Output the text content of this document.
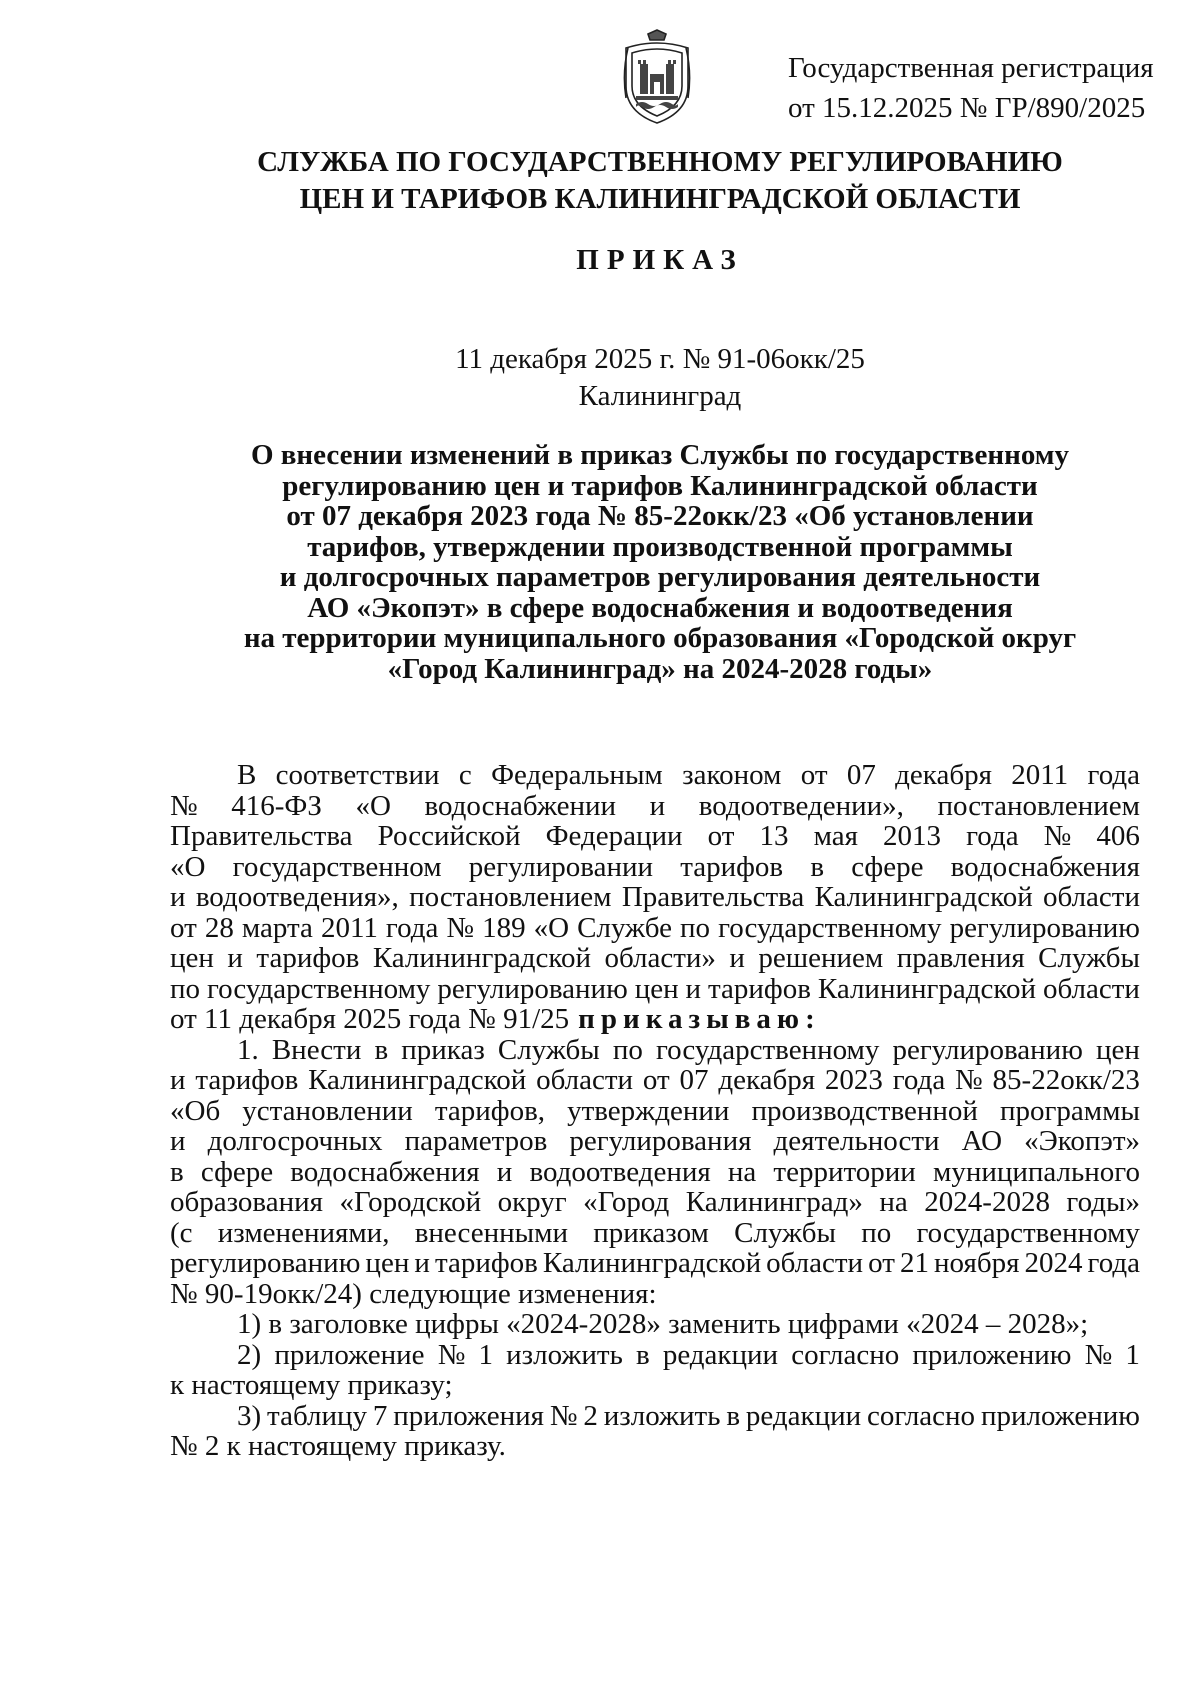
Государственная регистрация
от 15.12.2025 № ГР/890/2025
СЛУЖБА ПО ГОСУДАРСТВЕННОМУ РЕГУЛИРОВАНИЮ
ЦЕН И ТАРИФОВ КАЛИНИНГРАДСКОЙ ОБЛАСТИ
ПРИКАЗ
11 декабря 2025 г. № 91-06окк/25
Калининград
О внесении изменений в приказ Службы по государственному
регулированию цен и тарифов Калининградской области
от 07 декабря 2023 года № 85-22окк/23 «Об установлении
тарифов, утверждении производственной программы
и долгосрочных параметров регулирования деятельности
АО «Экопэт» в сфере водоснабжения и водоотведения
на территории муниципального образования «Городской округ
«Город Калининград» на 2024-2028 годы»
В соответствии с Федеральным законом от 07 декабря 2011 года
№ 416-ФЗ «О водоснабжении и водоотведении», постановлением
Правительства Российской Федерации от 13 мая 2013 года № 406
«О государственном регулировании тарифов в сфере водоснабжения
и водоотведения», постановлением Правительства Калининградской области
от 28 марта 2011 года № 189 «О Службе по государственному регулированию
цен и тарифов Калининградской области» и решением правления Службы
по государственному регулированию цен и тарифов Калининградской области
от 11 декабря 2025 года № 91/25 приказываю:
1. Внести в приказ Службы по государственному регулированию цен
и тарифов Калининградской области от 07 декабря 2023 года № 85-22окк/23
«Об установлении тарифов, утверждении производственной программы
и долгосрочных параметров регулирования деятельности АО «Экопэт»
в сфере водоснабжения и водоотведения на территории муниципального
образования «Городской округ «Город Калининград» на 2024-2028 годы»
(с изменениями, внесенными приказом Службы по государственному
регулированию цен и тарифов Калининградской области от 21 ноября 2024 года
№ 90-19окк/24) следующие изменения:
1) в заголовке цифры «2024-2028» заменить цифрами «2024 – 2028»;
2) приложение № 1 изложить в редакции согласно приложению № 1
к настоящему приказу;
3) таблицу 7 приложения № 2 изложить в редакции согласно приложению
№ 2 к настоящему приказу.
